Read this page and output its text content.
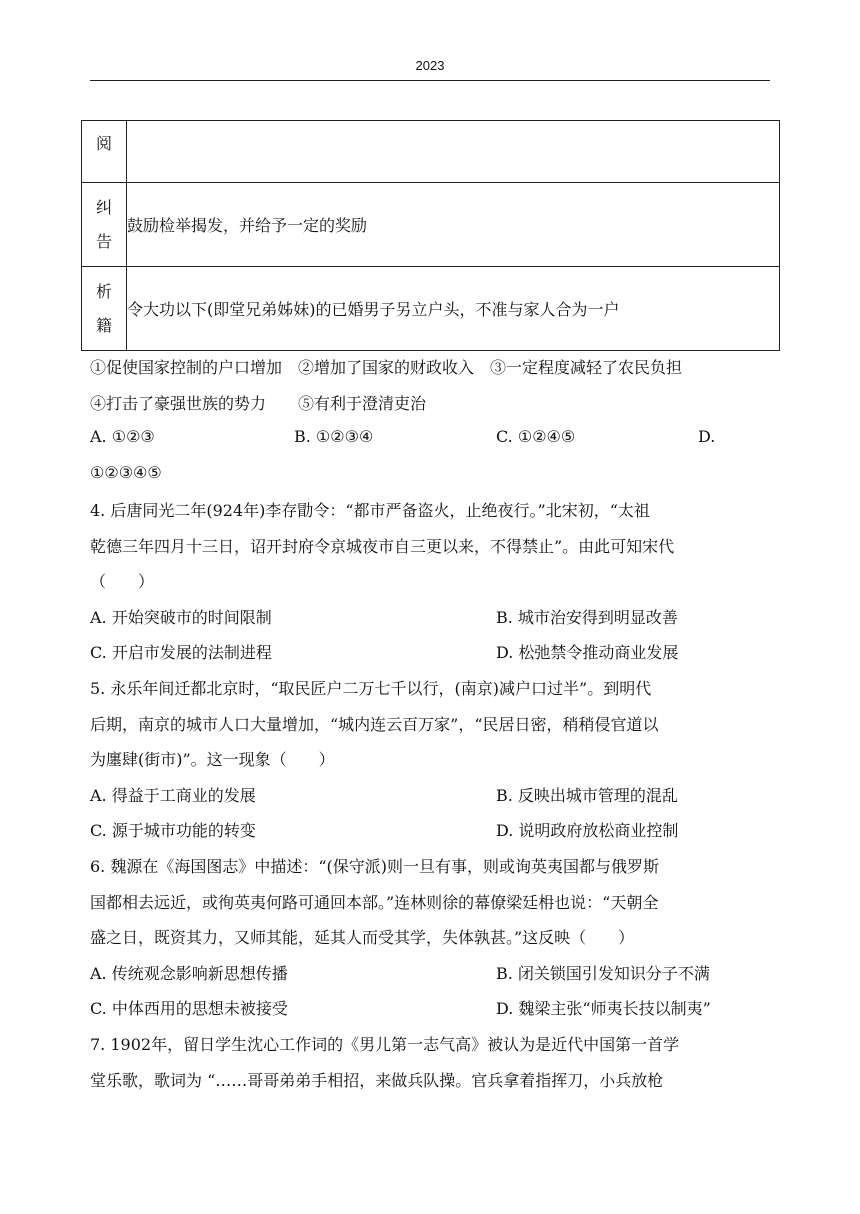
2023
阅	

纠
告	鼓励检举揭发，并给予一定的奖励

析
籍	令大功以下(即堂兄弟姊妹)的已婚男子另立户头，不准与家人合为一户
①促使国家控制的户口增加　②增加了国家的财政收入　③一定程度减轻了农民负担
④打击了豪强世族的势力　　⑤有利于澄清吏治
A. ①②③	B. ①②③④	C. ①②④⑤	D.
①②③④⑤
4. 后唐同光二年(924年)李存勖令：“都市严备盗火，止绝夜行。”北宋初，“太祖
乾德三年四月十三日，诏开封府令京城夜市自三更以来，不得禁止”。由此可知宋代
（　　）
A. 开始突破市的时间限制	B. 城市治安得到明显改善
C. 开启市发展的法制进程	D. 松弛禁令推动商业发展
5. 永乐年间迁都北京时，“取民匠户二万七千以行，(南京)减户口过半”。到明代
后期，南京的城市人口大量增加，“城内连云百万家”，“民居日密，稍稍侵官道以
为廛肆(街市)”。这一现象（　　）
A. 得益于工商业的发展	B. 反映出城市管理的混乱
C. 源于城市功能的转变	D. 说明政府放松商业控制
6. 魏源在《海国图志》中描述：“(保守派)则一旦有事，则或询英夷国都与俄罗斯
国都相去远近，或徇英夷何路可通回本部。”连林则徐的幕僚梁廷枏也说：“天朝全
盛之日，既资其力，又师其能，延其人而受其学，失体孰甚。”这反映（　　）
A. 传统观念影响新思想传播	B. 闭关锁国引发知识分子不满
C. 中体西用的思想未被接受	D. 魏梁主张“师夷长技以制夷”
7. 1902年，留日学生沈心工作词的《男儿第一志气高》被认为是近代中国第一首学
堂乐歌，歌词为 “……哥哥弟弟手相招，来做兵队操。官兵拿着指挥刀，小兵放枪
